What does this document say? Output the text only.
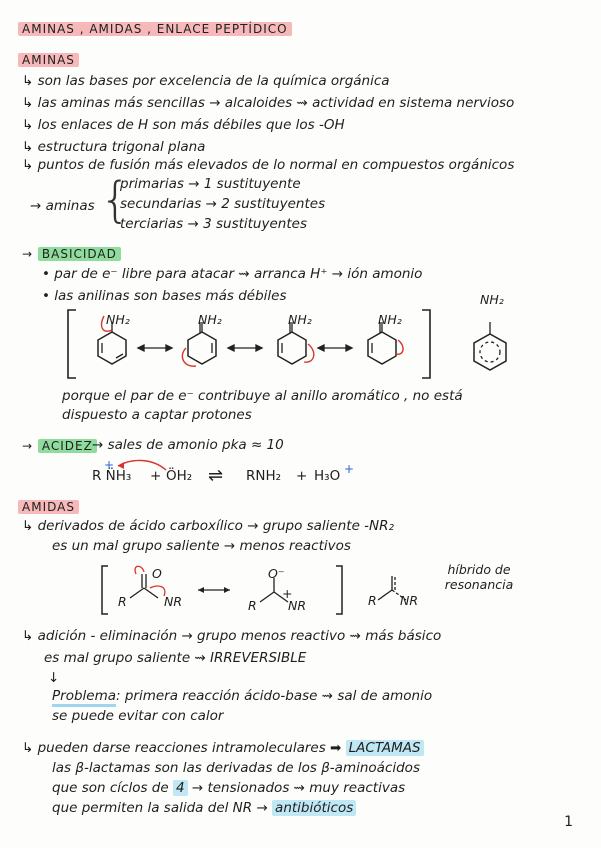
AMINAS , AMIDAS , ENLACE PEPTÍDICO
AMINAS
↳ son las bases por excelencia de la química orgánica
↳ las aminas más sencillas → alcaloides ⇝ actividad en sistema nervioso
↳ los enlaces de H son más débiles que los -OH
↳ estructura trigonal plana
↳ puntos de fusión más elevados de lo normal en compuestos orgánicos
→ aminas {
primarias → 1 sustituyente
secundarias → 2 sustituyentes
terciarias → 3 sustituyentes
→ BASICIDAD
• par de e⁻ libre para atacar ⇝ arranca H⁺ → ión amonio
• las anilinas son bases más débiles
NH₂	NH₂	NH₂	NH₂
NH₂
porque el par de e⁻ contribuye al anillo aromático , no está
dispuesto a captar protones
→ ACIDEZ → sales de amonio pka ≈ 10
R N̈H₃ + ÖH₂ ⇌ RNH₂ + H₃O +
+
AMIDAS
↳ derivados de ácido carboxílico → grupo saliente -NR₂
es un mal grupo saliente → menos reactivos
R
O
NR	R
O⁻
+
NR	R NR
híbrido de resonancia
↳ adición - eliminación → grupo menos reactivo ⇝ más básico
es mal grupo saliente ⇝ IRREVERSIBLE
↓
Problema: primera reacción ácido-base ⇝ sal de amonio
se puede evitar con calor
↳ pueden darse reacciones intramoleculares ➡ LACTAMAS
las β-lactamas son las derivadas de los β-aminoácidos
que son cíclos de 4 → tensionados ⇝ muy reactivas
que permiten la salida del NR → antibióticos
1
